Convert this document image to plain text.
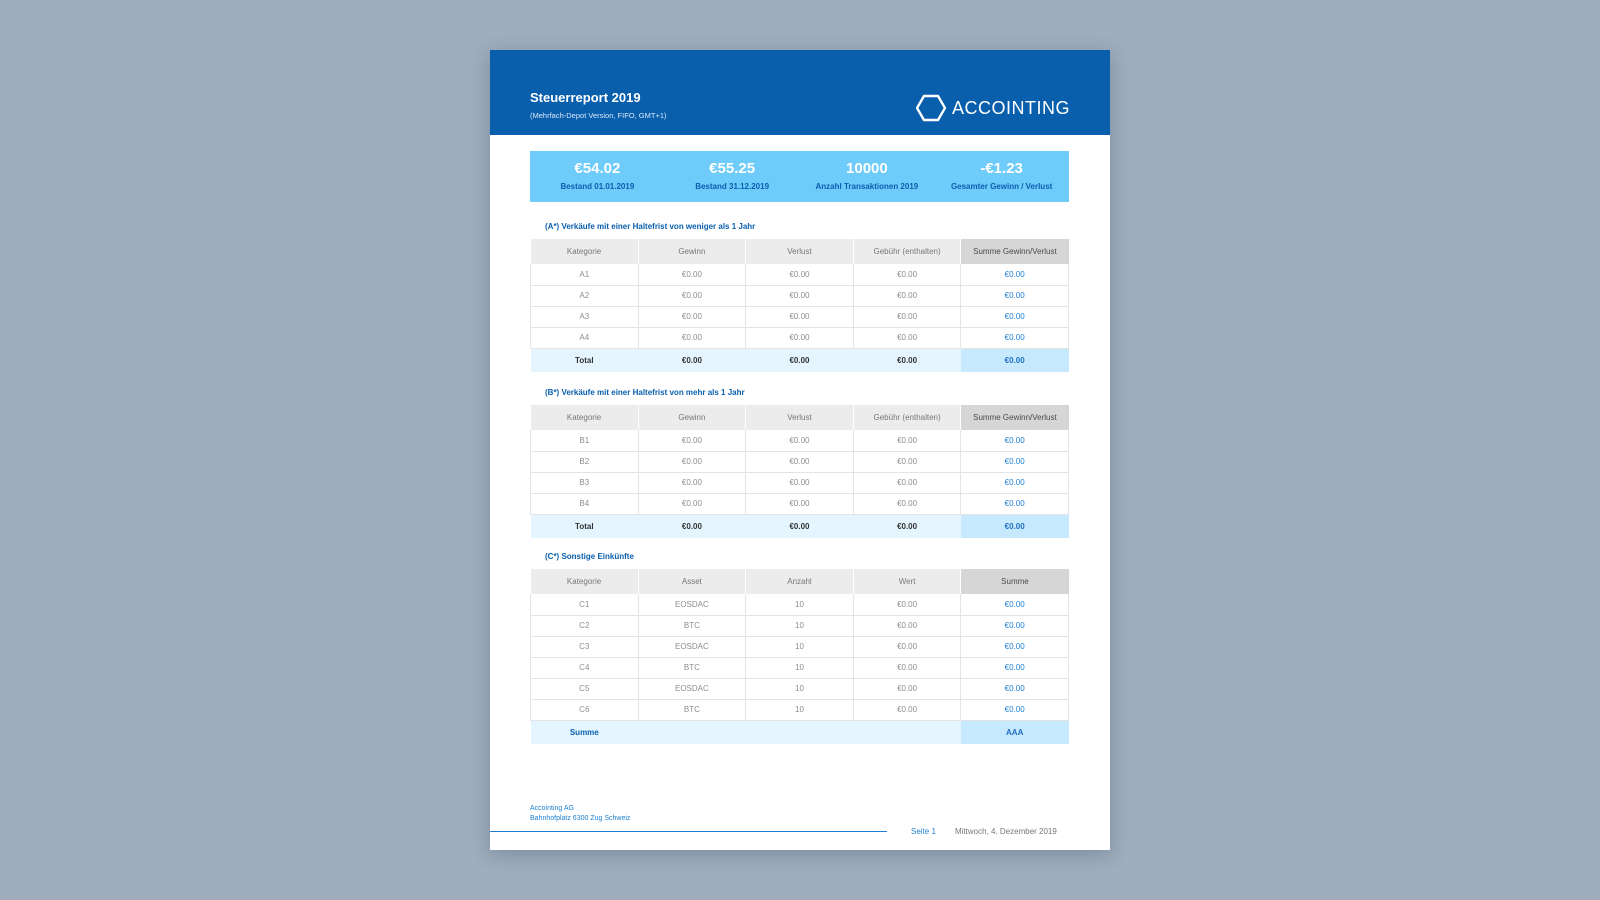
Steuerreport 2019
(Mehrfach-Depot Version, FIFO, GMT+1)	ACCOINTING
€54.02
Bestand 01.01.2019
€55.25
Bestand 31.12.2019
10000
Anzahl Transaktionen 2019
-€1.23
Gesamter Gewinn / Verlust
(A*) Verkäufe mit einer Haltefrist von weniger als 1 Jahr
Kategorie	Gewinn	Verlust	Gebühr (enthalten)	Summe Gewinn/Verlust
A1	€0.00	€0.00	€0.00	€0.00
A2	€0.00	€0.00	€0.00	€0.00
A3	€0.00	€0.00	€0.00	€0.00
A4	€0.00	€0.00	€0.00	€0.00
Total	€0.00	€0.00	€0.00	€0.00
(B*) Verkäufe mit einer Haltefrist von mehr als 1 Jahr
Kategorie	Gewinn	Verlust	Gebühr (enthalten)	Summe Gewinn/Verlust
B1	€0.00	€0.00	€0.00	€0.00
B2	€0.00	€0.00	€0.00	€0.00
B3	€0.00	€0.00	€0.00	€0.00
B4	€0.00	€0.00	€0.00	€0.00
Total	€0.00	€0.00	€0.00	€0.00
(C*) Sonstige Einkünfte
Kategorie	Asset	Anzahl	Wert	Summe
C1	EOSDAC	10	€0.00	€0.00
C2	BTC	10	€0.00	€0.00
C3	EOSDAC	10	€0.00	€0.00
C4	BTC	10	€0.00	€0.00
C5	EOSDAC	10	€0.00	€0.00
C6	BTC	10	€0.00	€0.00
Summe				AAA
Accointing AG
Bahnhofplatz 6300 Zug Schweiz
Seite 1 Mittwoch, 4. Dezember 2019
